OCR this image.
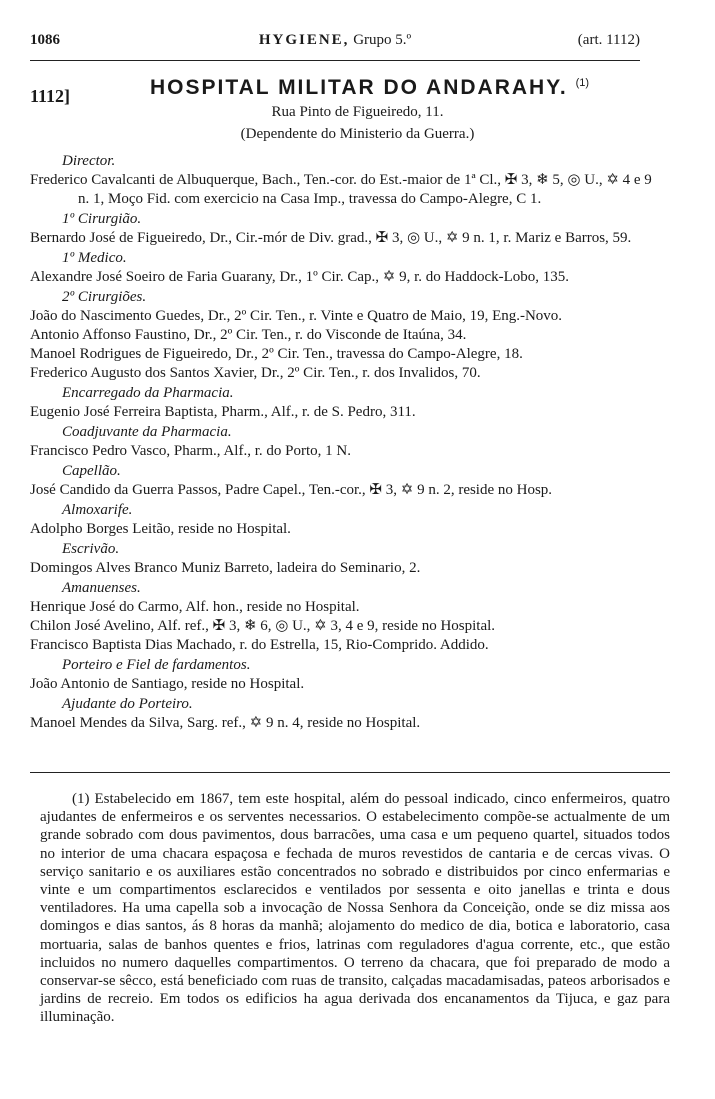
1086	HYGIENE, Grupo 5.º	(art. 1112)
1112]	HOSPITAL MILITAR DO ANDARAHY. $^{(1)}$
Rua Pinto de Figueiredo, 11.
(Dependente do Ministerio da Guerra.)
Director.
Frederico Cavalcanti de Albuquerque, Bach., Ten.-cor. do Est.-maior de 1ª Cl., ✠ 3, ❄ 5, ◎ U., ✡ 4 e 9 n. 1, Moço Fid. com exercicio na Casa Imp., travessa do Campo-Alegre, C 1.
1º Cirurgião.
Bernardo José de Figueiredo, Dr., Cir.-mór de Div. grad., ✠ 3, ◎ U., ✡ 9 n. 1, r. Mariz e Barros, 59.
1º Medico.
Alexandre José Soeiro de Faria Guarany, Dr., 1º Cir. Cap., ✡ 9, r. do Haddock-Lobo, 135.
2º Cirurgiões.
João do Nascimento Guedes, Dr., 2º Cir. Ten., r. Vinte e Quatro de Maio, 19, Eng.-Novo.
Antonio Affonso Faustino, Dr., 2º Cir. Ten., r. do Visconde de Itaúna, 34.
Manoel Rodrigues de Figueiredo, Dr., 2º Cir. Ten., travessa do Campo-Alegre, 18.
Frederico Augusto dos Santos Xavier, Dr., 2º Cir. Ten., r. dos Invalidos, 70.
Encarregado da Pharmacia.
Eugenio José Ferreira Baptista, Pharm., Alf., r. de S. Pedro, 311.
Coadjuvante da Pharmacia.
Francisco Pedro Vasco, Pharm., Alf., r. do Porto, 1 N.
Capellão.
José Candido da Guerra Passos, Padre Capel., Ten.-cor., ✠ 3, ✡ 9 n. 2, reside no Hosp.
Almoxarife.
Adolpho Borges Leitão, reside no Hospital.
Escrivão.
Domingos Alves Branco Muniz Barreto, ladeira do Seminario, 2.
Amanuenses.
Henrique José do Carmo, Alf. hon., reside no Hospital.
Chilon José Avelino, Alf. ref., ✠ 3, ❄ 6, ◎ U., ✡ 3, 4 e 9, reside no Hospital.
Francisco Baptista Dias Machado, r. do Estrella, 15, Rio-Comprido. Addido.
Porteiro e Fiel de fardamentos.
João Antonio de Santiago, reside no Hospital.
Ajudante do Porteiro.
Manoel Mendes da Silva, Sarg. ref., ✡ 9 n. 4, reside no Hospital.
(1) Estabelecido em 1867, tem este hospital, além do pessoal indicado, cinco enfermeiros, quatro ajudantes de enfermeiros e os serventes necessarios. O estabelecimento compõe-se actualmente de um grande sobrado com dous pavimentos, dous barracões, uma casa e um pequeno quartel, situados todos no interior de uma chacara espaçosa e fechada de muros revestidos de cantaria e de cercas vivas. O serviço sanitario e os auxiliares estão concentrados no sobrado e distribuidos por cinco enfermarias e vinte e um compartimentos esclarecidos e ventilados por sessenta e oito janellas e trinta e dous ventiladores. Ha uma capella sob a invocação de Nossa Senhora da Conceição, onde se diz missa aos domingos e dias santos, ás 8 horas da manhã; alojamento do medico de dia, botica e laboratorio, casa mortuaria, salas de banhos quentes e frios, latrinas com reguladores d'agua corrente, etc., que estão incluidos no numero daquelles compartimentos. O terreno da chacara, que foi preparado de modo a conservar-se sêcco, está beneficiado com ruas de transito, calçadas macadamisadas, pateos arborisados e jardins de recreio. Em todos os edificios ha agua derivada dos encanamentos da Tijuca, e gaz para illuminação.
